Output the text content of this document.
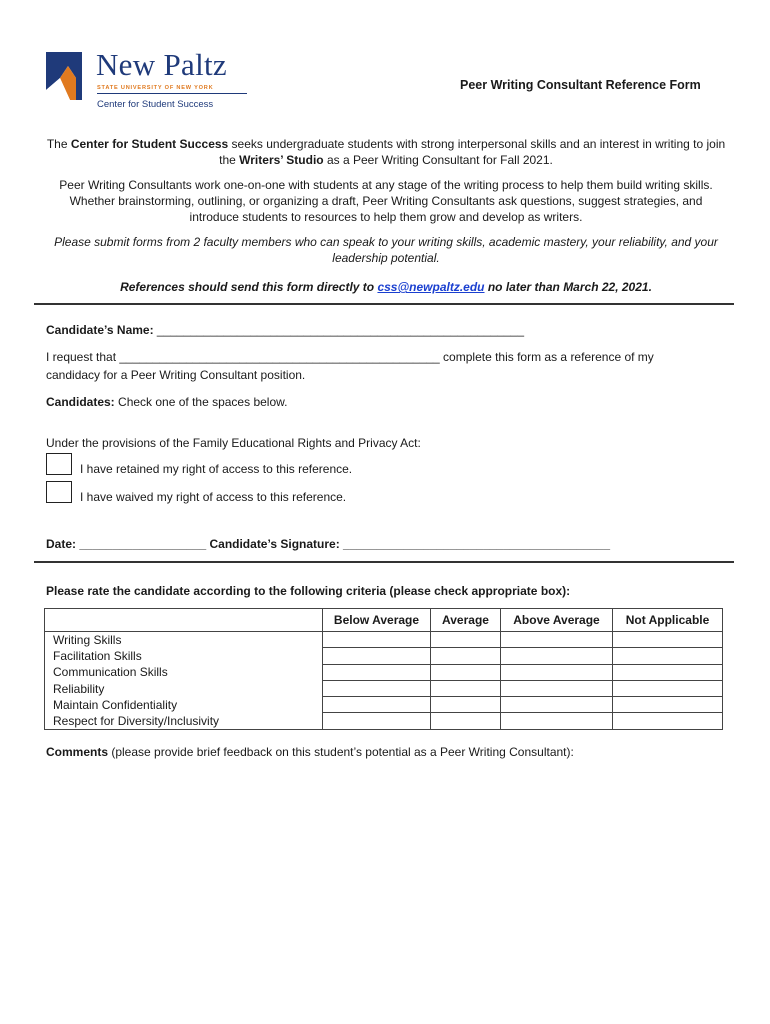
New Paltz
STATE UNIVERSITY OF NEW YORK
Center for Student Success
Peer Writing Consultant Reference Form
The Center for Student Success seeks undergraduate students with strong interpersonal skills and an interest in writing to join the Writers’ Studio as a Peer Writing Consultant for Fall 2021.
Peer Writing Consultants work one-on-one with students at any stage of the writing process to help them build writing skills. Whether brainstorming, outlining, or organizing a draft, Peer Writing Consultants ask questions, suggest strategies, and introduce students to resources to help them grow and develop as writers.
Please submit forms from 2 faculty members who can speak to your writing skills, academic mastery, your reliability, and your leadership potential.
References should send this form directly to css@newpaltz.edu no later than March 22, 2021.
Candidate’s Name: _______________________________________________________
I request that ________________________________________________ complete this form as a reference of my
candidacy for a Peer Writing Consultant position.
Candidates: Check one of the spaces below.
Under the provisions of the Family Educational Rights and Privacy Act:
I have retained my right of access to this reference.
I have waived my right of access to this reference.
Date: ___________________ Candidate’s Signature: ________________________________________
Please rate the candidate according to the following criteria (please check appropriate box):
	Below Average	Average	Above Average	Not Applicable
Writing Skills				
Facilitation Skills				
Communication Skills				
Reliability				
Maintain Confidentiality				
Respect for Diversity/Inclusivity				
Comments (please provide brief feedback on this student’s potential as a Peer Writing Consultant):
